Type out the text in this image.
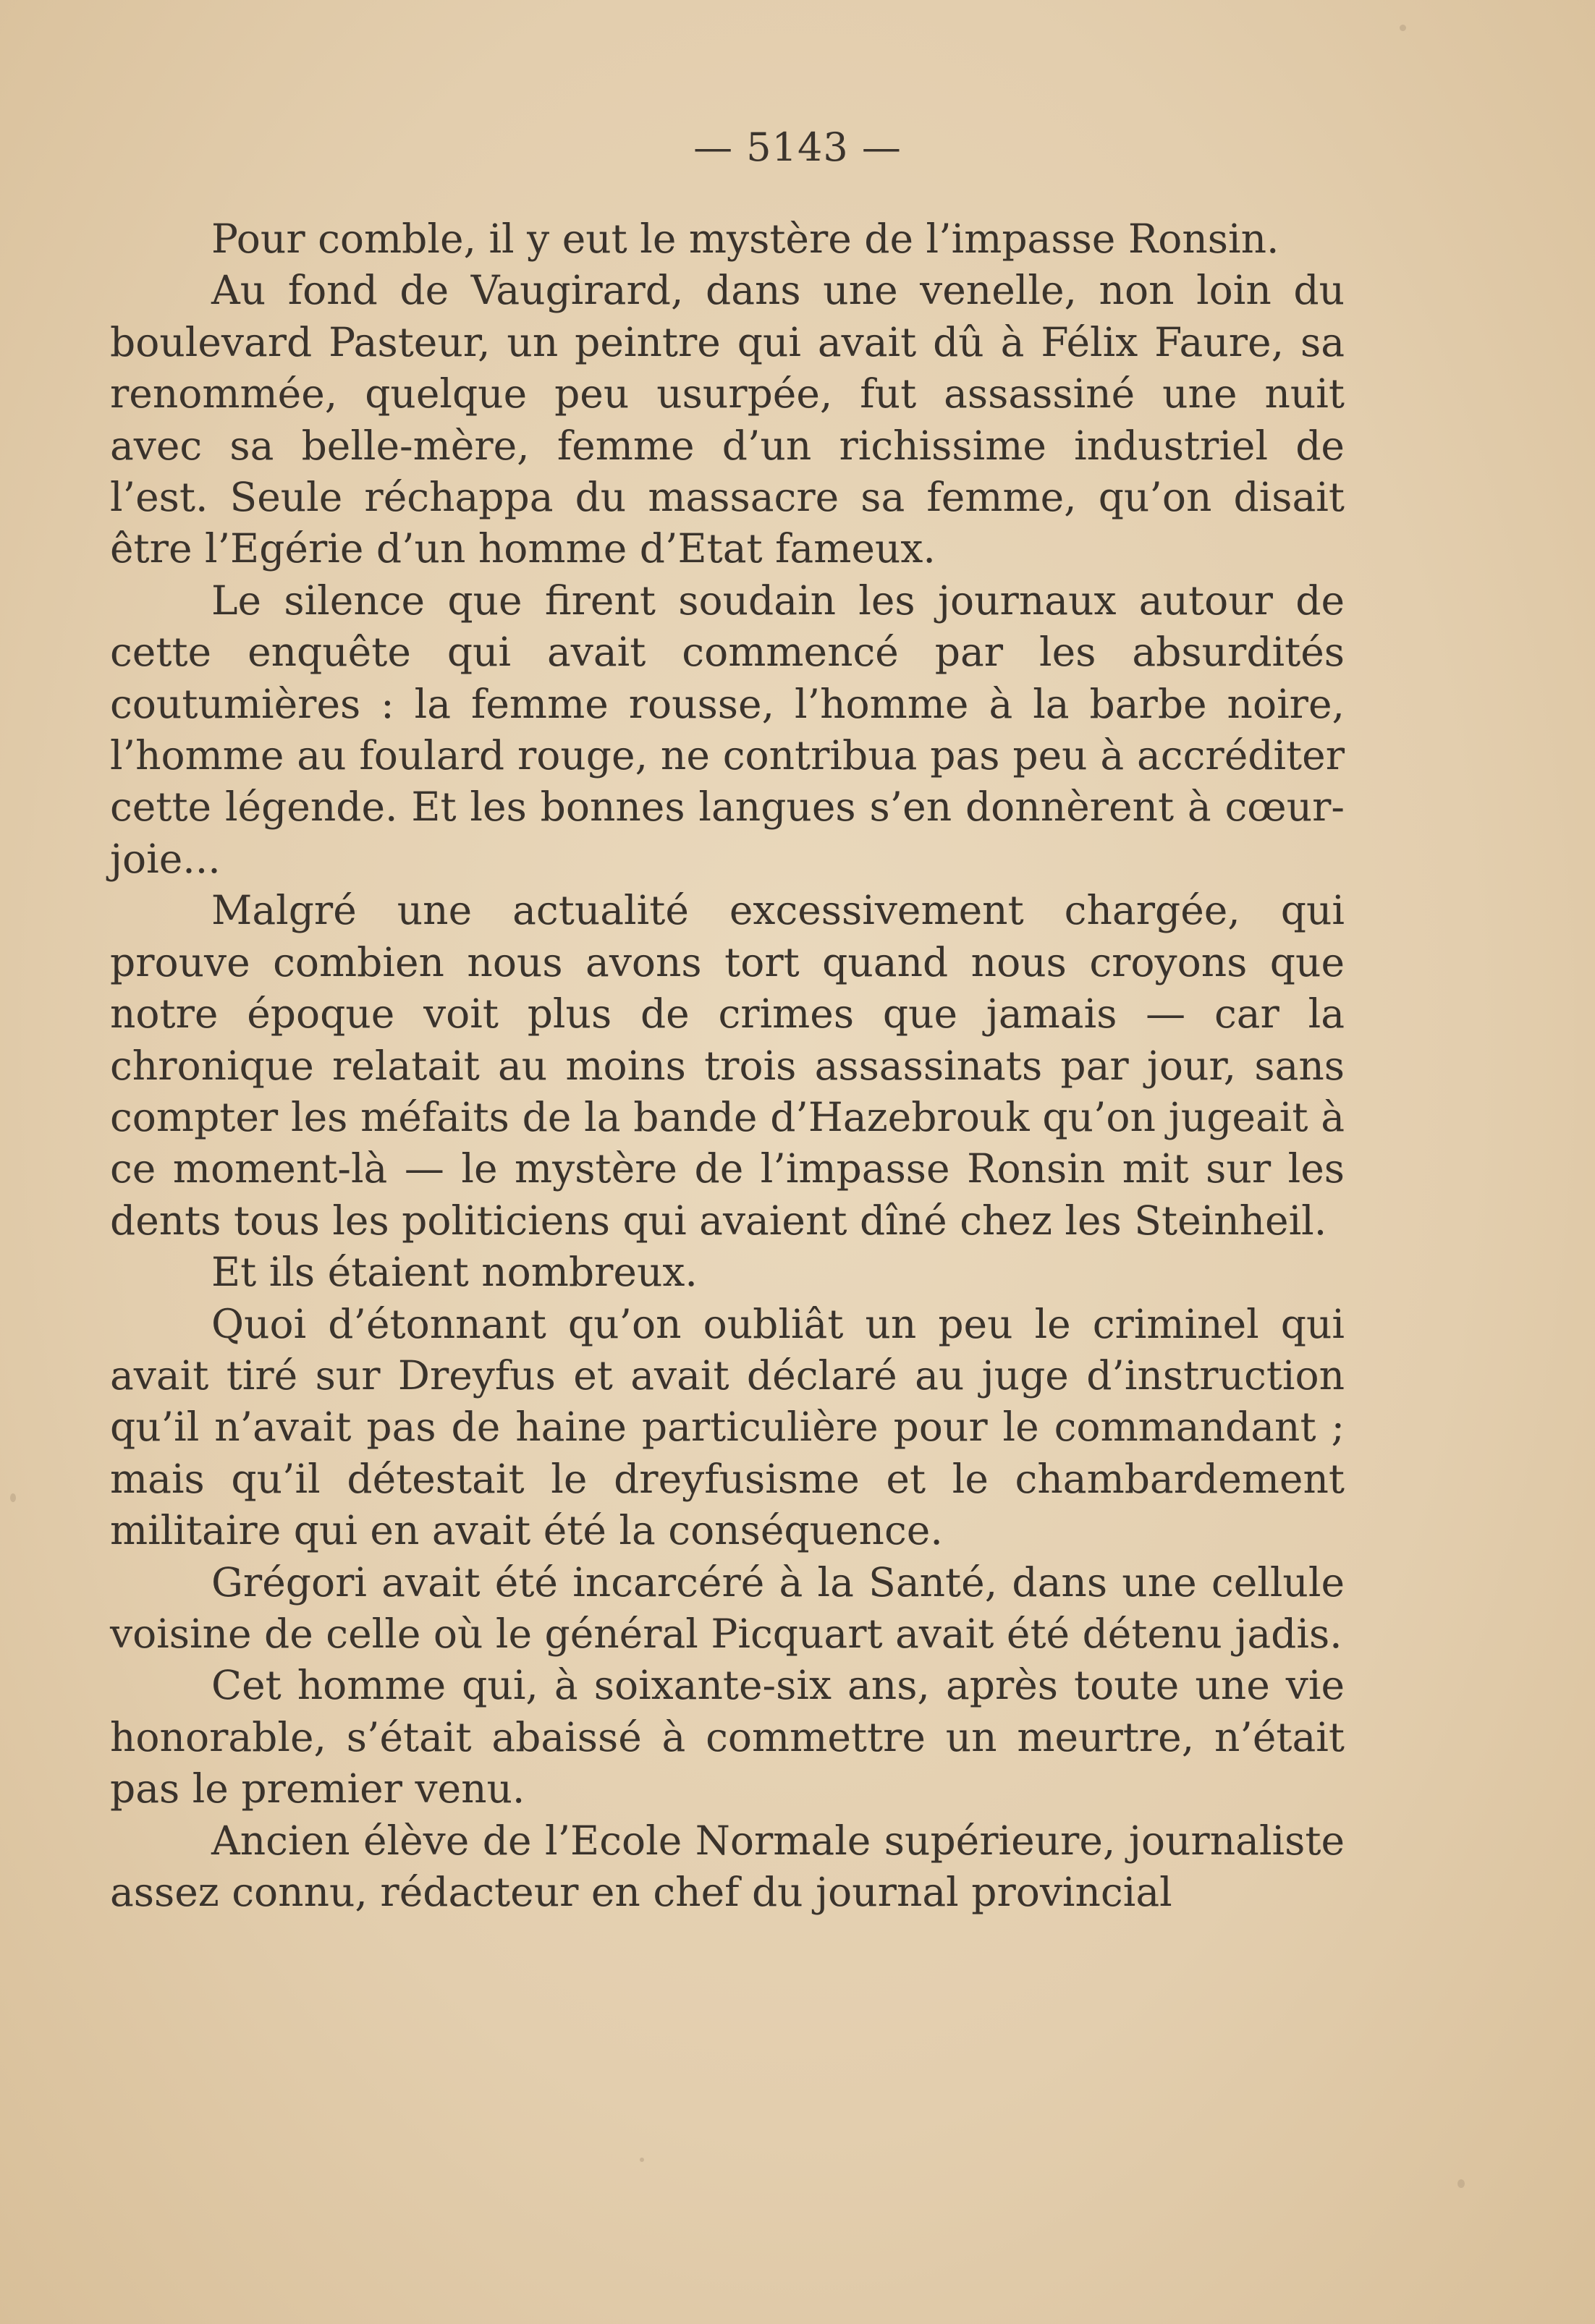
— 5143 —

Pour comble, il y eut le mystère de l’impasse Ronsin.

Au fond de Vaugirard, dans une venelle, non loin du boulevard Pasteur, un peintre qui avait dû à Félix Faure, sa renommée, quelque peu usurpée, fut assassiné une nuit avec sa belle-mère, femme d’un richissime industriel de l’est. Seule réchappa du massacre sa femme, qu’on disait être l’Egérie d’un homme d’Etat fameux.

Le silence que firent soudain les journaux autour de cette enquête qui avait commencé par les absurdités coutumières : la femme rousse, l’homme à la barbe noire, l’homme au foulard rouge, ne contribua pas peu à accréditer cette légende. Et les bonnes langues s’en donnèrent à cœur-joie...

Malgré une actualité excessivement chargée, qui prouve combien nous avons tort quand nous croyons que notre époque voit plus de crimes que jamais — car la chronique relatait au moins trois assassinats par jour, sans compter les méfaits de la bande d’Hazebrouk qu’on jugeait à ce moment-là — le mystère de l’impasse Ronsin mit sur les dents tous les politiciens qui avaient dîné chez les Steinheil.

Et ils étaient nombreux.

Quoi d’étonnant qu’on oubliât un peu le criminel qui avait tiré sur Dreyfus et avait déclaré au juge d’instruction qu’il n’avait pas de haine particulière pour le commandant ; mais qu’il détestait le dreyfusisme et le chambardement militaire qui en avait été la conséquence.

Grégori avait été incarcéré à la Santé, dans une cellule voisine de celle où le général Picquart avait été détenu jadis.

Cet homme qui, à soixante-six ans, après toute une vie honorable, s’était abaissé à commettre un meurtre, n’était pas le premier venu.

Ancien élève de l’Ecole Normale supérieure, journaliste assez connu, rédacteur en chef du journal provincial
